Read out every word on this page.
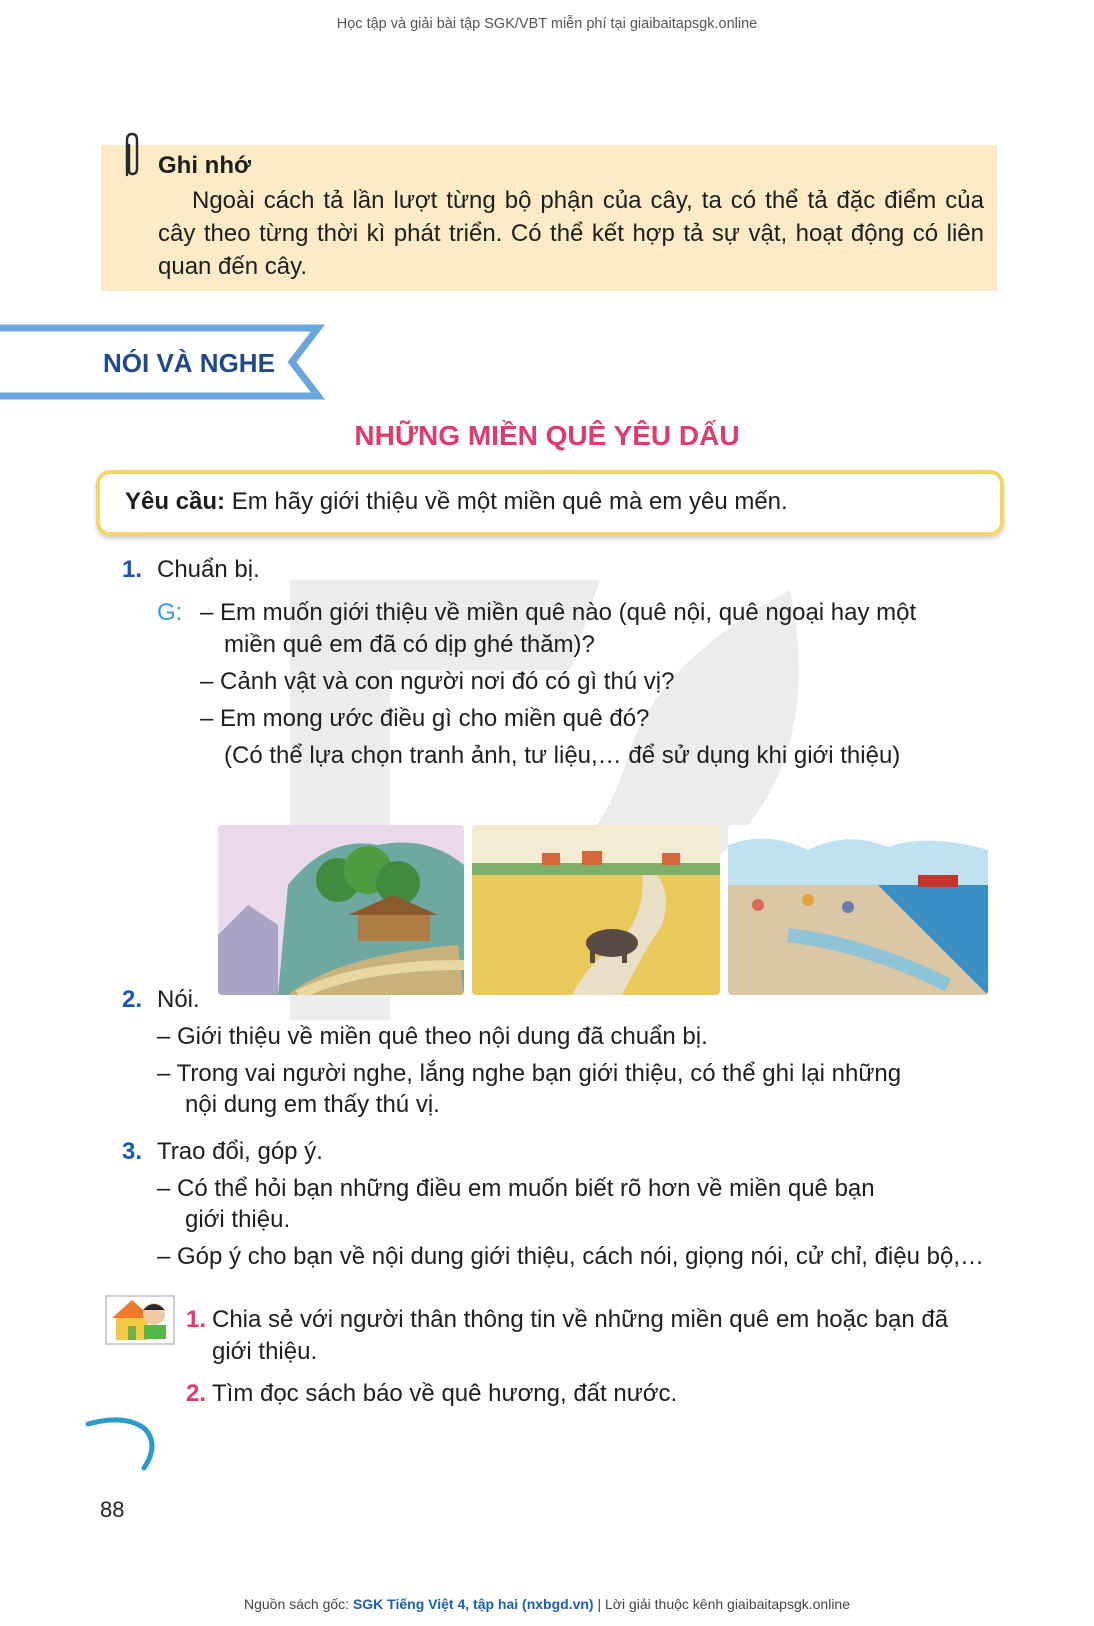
Học tập và giải bài tập SGK/VBT miễn phí tại giaibaitapsgk.online
Ghi nhớ
Ngoài cách tả lần lượt từng bộ phận của cây, ta có thể tả đặc điểm của cây theo từng thời kì phát triển. Có thể kết hợp tả sự vật, hoạt động có liên quan đến cây.
NÓI VÀ NGHE
NHỮNG MIỀN QUÊ YÊU DẤU
Yêu cầu: Em hãy giới thiệu về một miền quê mà em yêu mến.
1. Chuẩn bị.
G: – Em muốn giới thiệu về miền quê nào (quê nội, quê ngoại hay một
miền quê em đã có dịp ghé thăm)?
– Cảnh vật và con người nơi đó có gì thú vị?
– Em mong ước điều gì cho miền quê đó?
(Có thể lựa chọn tranh ảnh, tư liệu,… để sử dụng khi giới thiệu)
2. Nói.
– Giới thiệu về miền quê theo nội dung đã chuẩn bị.
– Trong vai người nghe, lắng nghe bạn giới thiệu, có thể ghi lại những
nội dung em thấy thú vị.
3. Trao đổi, góp ý.
– Có thể hỏi bạn những điều em muốn biết rõ hơn về miền quê bạn
giới thiệu.
– Góp ý cho bạn về nội dung giới thiệu, cách nói, giọng nói, cử chỉ, điệu bộ,…
1. Chia sẻ với người thân thông tin về những miền quê em hoặc bạn đã
giới thiệu.
2. Tìm đọc sách báo về quê hương, đất nước.
88
Nguồn sách gốc: SGK Tiếng Việt 4, tập hai (nxbgd.vn) | Lời giải thuộc kênh giaibaitapsgk.online
